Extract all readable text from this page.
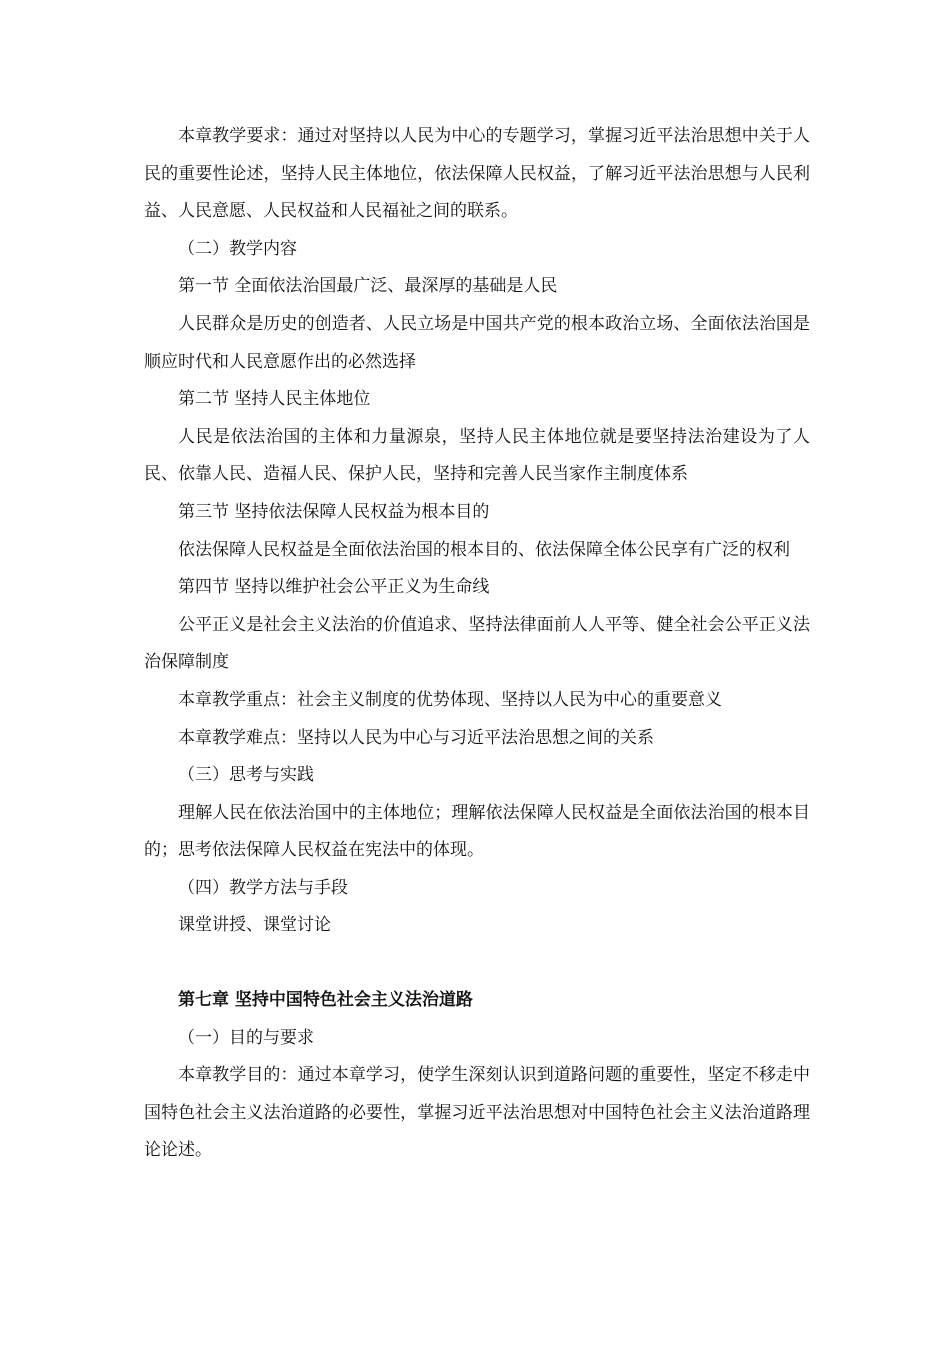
本章教学要求：通过对坚持以人民为中心的专题学习，掌握习近平法治思想中关于人民的重要性论述，坚持人民主体地位，依法保障人民权益，了解习近平法治思想与人民利益、人民意愿、人民权益和人民福祉之间的联系。

（二）教学内容

第一节 全面依法治国最广泛、最深厚的基础是人民

人民群众是历史的创造者、人民立场是中国共产党的根本政治立场、全面依法治国是顺应时代和人民意愿作出的必然选择

第二节 坚持人民主体地位

人民是依法治国的主体和力量源泉，坚持人民主体地位就是要坚持法治建设为了人民、依靠人民、造福人民、保护人民，坚持和完善人民当家作主制度体系

第三节 坚持依法保障人民权益为根本目的

依法保障人民权益是全面依法治国的根本目的、依法保障全体公民享有广泛的权利

第四节 坚持以维护社会公平正义为生命线

公平正义是社会主义法治的价值追求、坚持法律面前人人平等、健全社会公平正义法治保障制度

本章教学重点：社会主义制度的优势体现、坚持以人民为中心的重要意义

本章教学难点：坚持以人民为中心与习近平法治思想之间的关系

（三）思考与实践

理解人民在依法治国中的主体地位；理解依法保障人民权益是全面依法治国的根本目的；思考依法保障人民权益在宪法中的体现。

（四）教学方法与手段

课堂讲授、课堂讨论

第七章 坚持中国特色社会主义法治道路

（一）目的与要求

本章教学目的：通过本章学习，使学生深刻认识到道路问题的重要性，坚定不移走中国特色社会主义法治道路的必要性，掌握习近平法治思想对中国特色社会主义法治道路理论论述。
